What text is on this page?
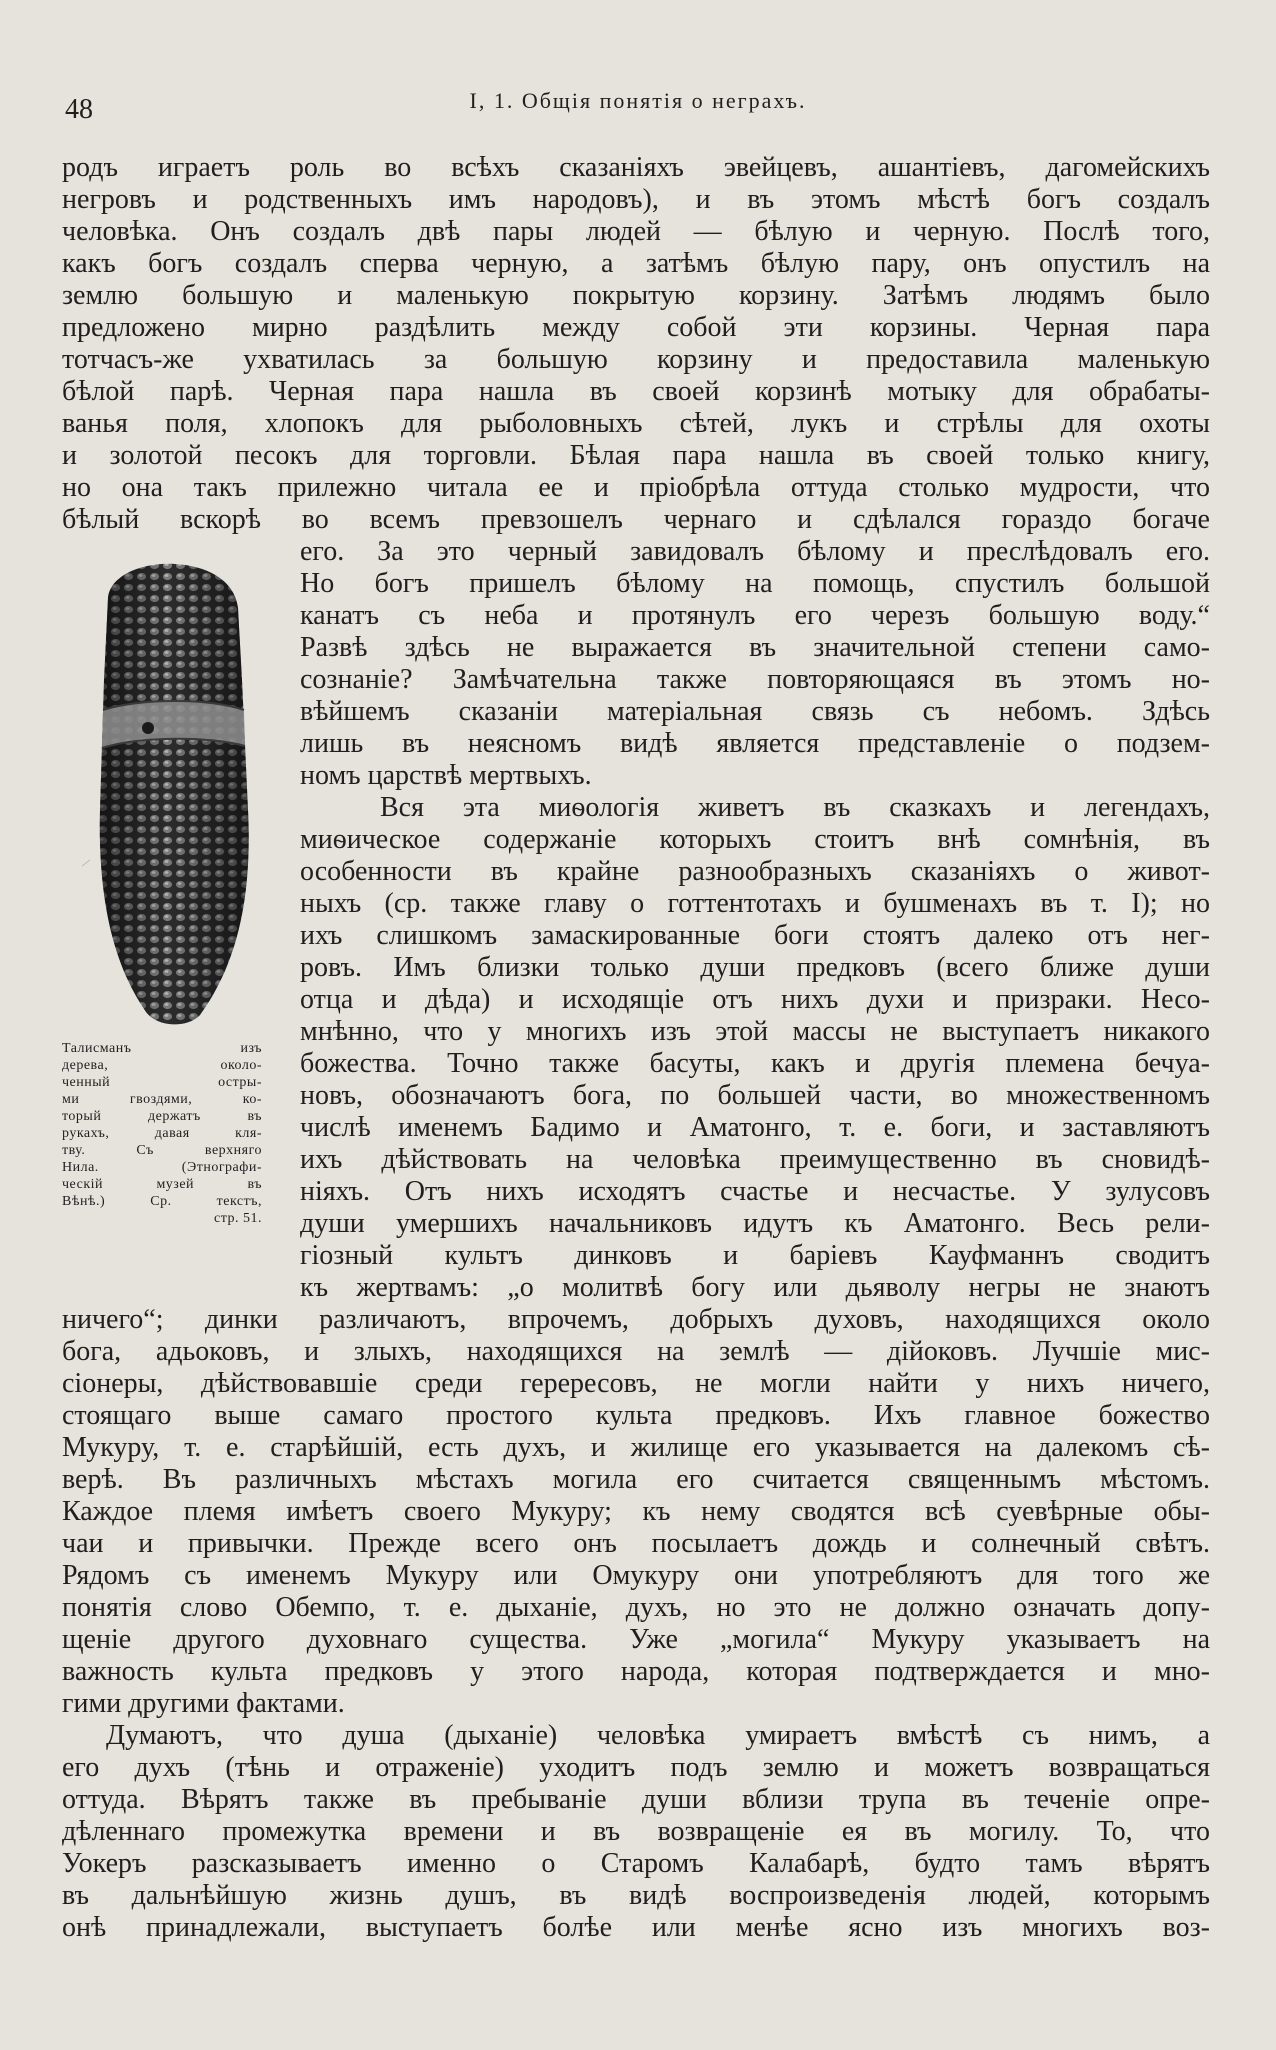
48	I, 1. Общія понятія о неграхъ.
родъ играетъ роль во всѣхъ сказаніяхъ эвейцевъ, ашантіевъ, дагомейскихъ
негровъ и родственныхъ имъ народовъ), и въ этомъ мѣстѣ богъ создалъ
человѣка. Онъ создалъ двѣ пары людей — бѣлую и черную. Послѣ того,
какъ богъ создалъ сперва черную, а затѣмъ бѣлую пару, онъ опустилъ на
землю большую и маленькую покрытую корзину. Затѣмъ людямъ было
предложено мирно раздѣлить между собой эти корзины. Черная пара
тотчасъ-же ухватилась за большую корзину и предоставила маленькую
бѣлой парѣ. Черная пара нашла въ своей корзинѣ мотыку для обрабаты-
ванья поля, хлопокъ для рыболовныхъ сѣтей, лукъ и стрѣлы для охоты
и золотой песокъ для торговли. Бѣлая пара нашла въ своей только книгу,
но она такъ прилежно читала ее и пріобрѣла оттуда столько мудрости, что
бѣлый вскорѣ во всемъ превзошелъ чернаго и сдѣлался гораздо богаче
Талисманъ изъ
дерева, около-
ченный остры-
ми гвоздями, ко-
торый держатъ въ
рукахъ, давая кля-
тву. Съ верхняго
Нила. (Этнографи-
ческій музей въ
Вѣнѣ.) Ср. текстъ,
стр. 51.
его. За это черный завидовалъ бѣлому и преслѣдовалъ его.
Но богъ пришелъ бѣлому на помощь, спустилъ большой
канатъ съ неба и протянулъ его черезъ большую воду.“
Развѣ здѣсь не выражается въ значительной степени само-
сознаніе? Замѣчательна также повторяющаяся въ этомъ но-
вѣйшемъ сказаніи матеріальная связь съ небомъ. Здѣсь
лишь въ неясномъ видѣ является представленіе о подзем-
номъ царствѣ мертвыхъ.
Вся эта миѳологія живетъ въ сказкахъ и легендахъ,
миѳическое содержаніе которыхъ стоитъ внѣ сомнѣнія, въ
особенности въ крайне разнообразныхъ сказаніяхъ о живот-
ныхъ (ср. также главу о готтентотахъ и бушменахъ въ т. I); но
ихъ слишкомъ замаскированные боги стоятъ далеко отъ нег-
ровъ. Имъ близки только души предковъ (всего ближе души
отца и дѣда) и исходящіе отъ нихъ духи и призраки. Несо-
мнѣнно, что у многихъ изъ этой массы не выступаетъ никакого
божества. Точно также басуты, какъ и другія племена бечуа-
новъ, обозначаютъ бога, по большей части, во множественномъ
числѣ именемъ Бадимо и Аматонго, т. е. боги, и заставляютъ
ихъ дѣйствовать на человѣка преимущественно въ сновидѣ-
ніяхъ. Отъ нихъ исходятъ счастье и несчастье. У зулусовъ
души умершихъ начальниковъ идутъ къ Аматонго. Весь рели-
гіозный культъ динковъ и баріевъ Кауфманнъ сводитъ
къ жертвамъ: „о молитвѣ богу или дьяволу негры не знаютъ
ничего“; динки различаютъ, впрочемъ, добрыхъ духовъ, находящихся около
бога, адьоковъ, и злыхъ, находящихся на землѣ — дійоковъ. Лучшіе мис-
сіонеры, дѣйствовавшіе среди герересовъ, не могли найти у нихъ ничего,
стоящаго выше самаго простого культа предковъ. Ихъ главное божество
Мукуру, т. е. старѣйшій, есть духъ, и жилище его указывается на далекомъ сѣ-
верѣ. Въ различныхъ мѣстахъ могила его считается священнымъ мѣстомъ.
Каждое племя имѣетъ своего Мукуру; къ нему сводятся всѣ суевѣрные обы-
чаи и привычки. Прежде всего онъ посылаетъ дождь и солнечный свѣтъ.
Рядомъ съ именемъ Мукуру или Омукуру они употребляютъ для того же
понятія слово Обемпо, т. е. дыханіе, духъ, но это не должно означать допу-
щеніе другого духовнаго существа. Уже „могила“ Мукуру указываетъ на
важность культа предковъ у этого народа, которая подтверждается и мно-
гими другими фактами.
Думаютъ, что душа (дыханіе) человѣка умираетъ вмѣстѣ съ нимъ, а
его духъ (тѣнь и отраженіе) уходитъ подъ землю и можетъ возвращаться
оттуда. Вѣрятъ также въ пребываніе души вблизи трупа въ теченіе опре-
дѣленнаго промежутка времени и въ возвращеніе ея въ могилу. То, что
Уокеръ разсказываетъ именно о Старомъ Калабарѣ, будто тамъ вѣрятъ
въ дальнѣйшую жизнь душъ, въ видѣ воспроизведенія людей, которымъ
онѣ принадлежали, выступаетъ болѣе или менѣе ясно изъ многихъ воз-
